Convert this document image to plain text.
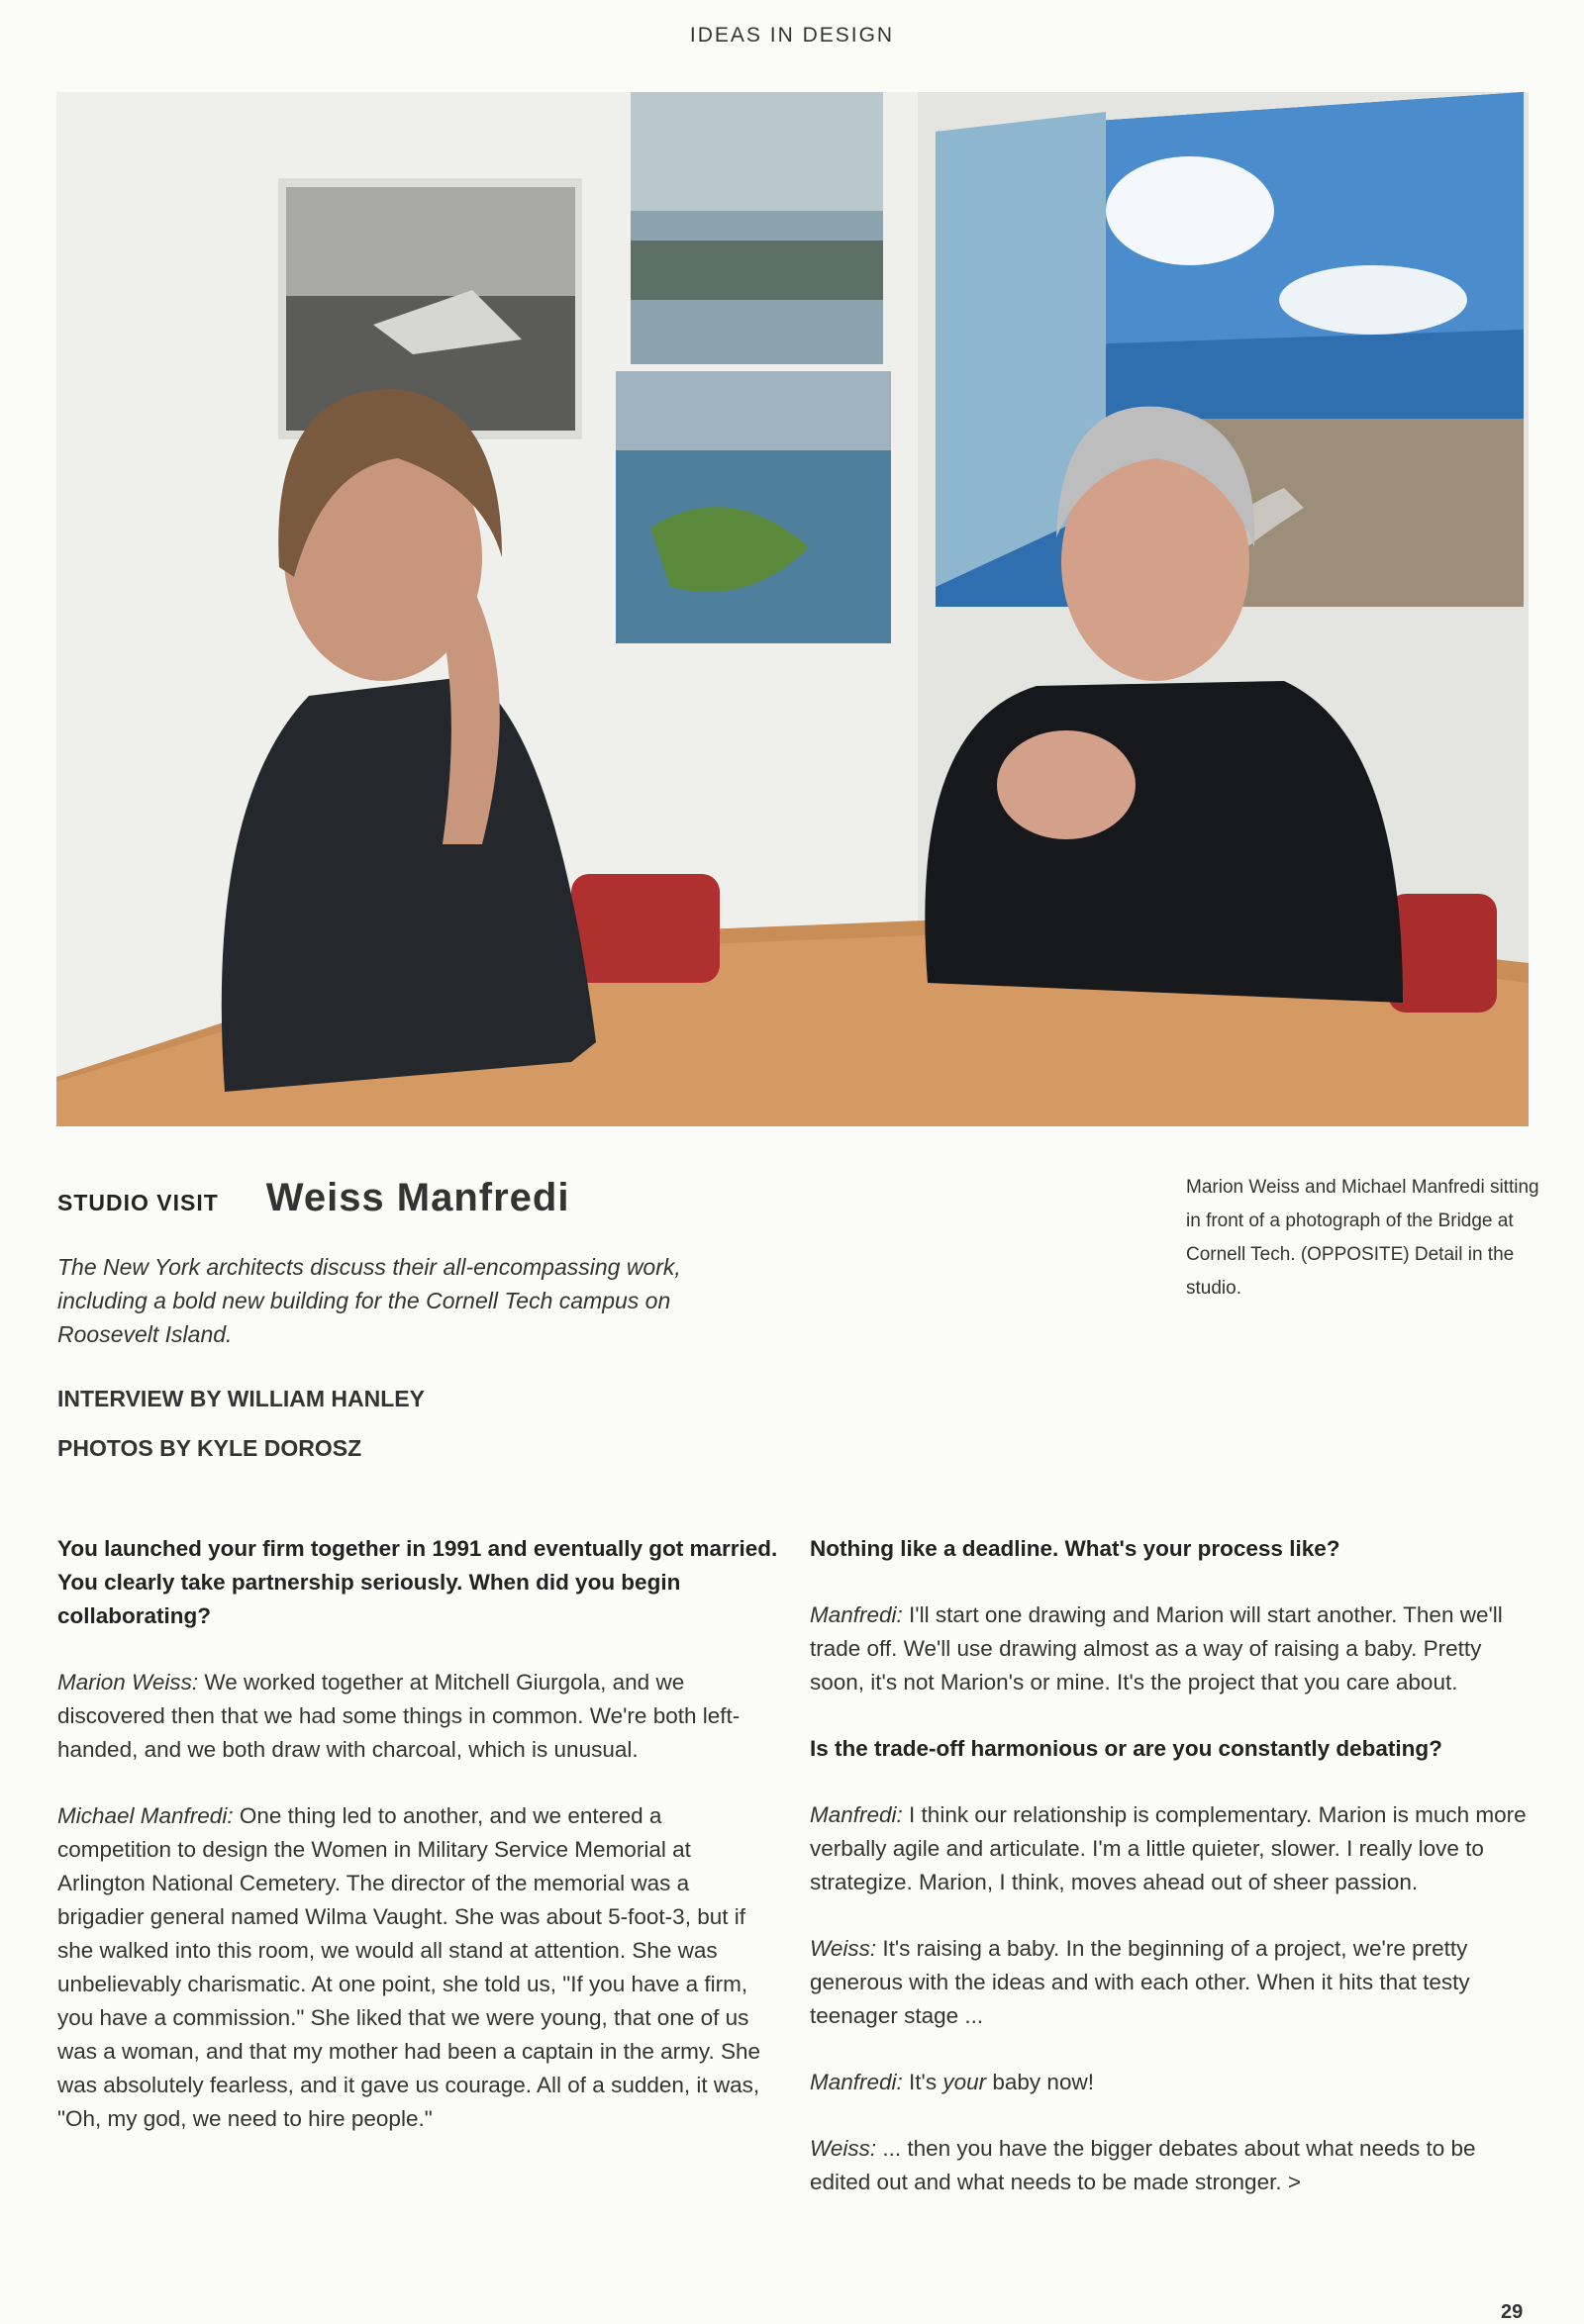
IDEAS IN DESIGN
STUDIO VISIT Weiss Manfredi
The New York architects discuss their all-encompassing work, including a bold new building for the Cornell Tech campus on Roosevelt Island.
INTERVIEW BY WILLIAM HANLEY
PHOTOS BY KYLE DOROSZ
Marion Weiss and Michael Manfredi sitting in front of a photograph of the Bridge at Cornell Tech. (OPPOSITE) Detail in the studio.

You launched your firm together in 1991 and eventually got married. You clearly take partnership seriously. When did you begin collaborating?

Marion Weiss: We worked together at Mitchell Giurgola, and we discovered then that we had some things in common. We're both left-handed, and we both draw with charcoal, which is unusual.

Michael Manfredi: One thing led to another, and we entered a competition to design the Women in Military Service Memorial at Arlington National Cemetery. The director of the memorial was a brigadier general named Wilma Vaught. She was about 5-foot-3, but if she walked into this room, we would all stand at attention. She was unbelievably charismatic. At one point, she told us, "If you have a firm, you have a commission." She liked that we were young, that one of us was a woman, and that my mother had been a captain in the army. She was absolutely fearless, and it gave us courage. All of a sudden, it was, "Oh, my god, we need to hire people."

Nothing like a deadline. What's your process like?

Manfredi: I'll start one drawing and Marion will start another. Then we'll trade off. We'll use drawing almost as a way of raising a baby. Pretty soon, it's not Marion's or mine. It's the project that you care about.

Is the trade-off harmonious or are you constantly debating?

Manfredi: I think our relationship is complementary. Marion is much more verbally agile and articulate. I'm a little quieter, slower. I really love to strategize. Marion, I think, moves ahead out of sheer passion.

Weiss: It's raising a baby. In the beginning of a project, we're pretty generous with the ideas and with each other. When it hits that testy teenager stage ...

Manfredi: It's your baby now!

Weiss: ... then you have the bigger debates about what needs to be edited out and what needs to be made stronger. >

29
